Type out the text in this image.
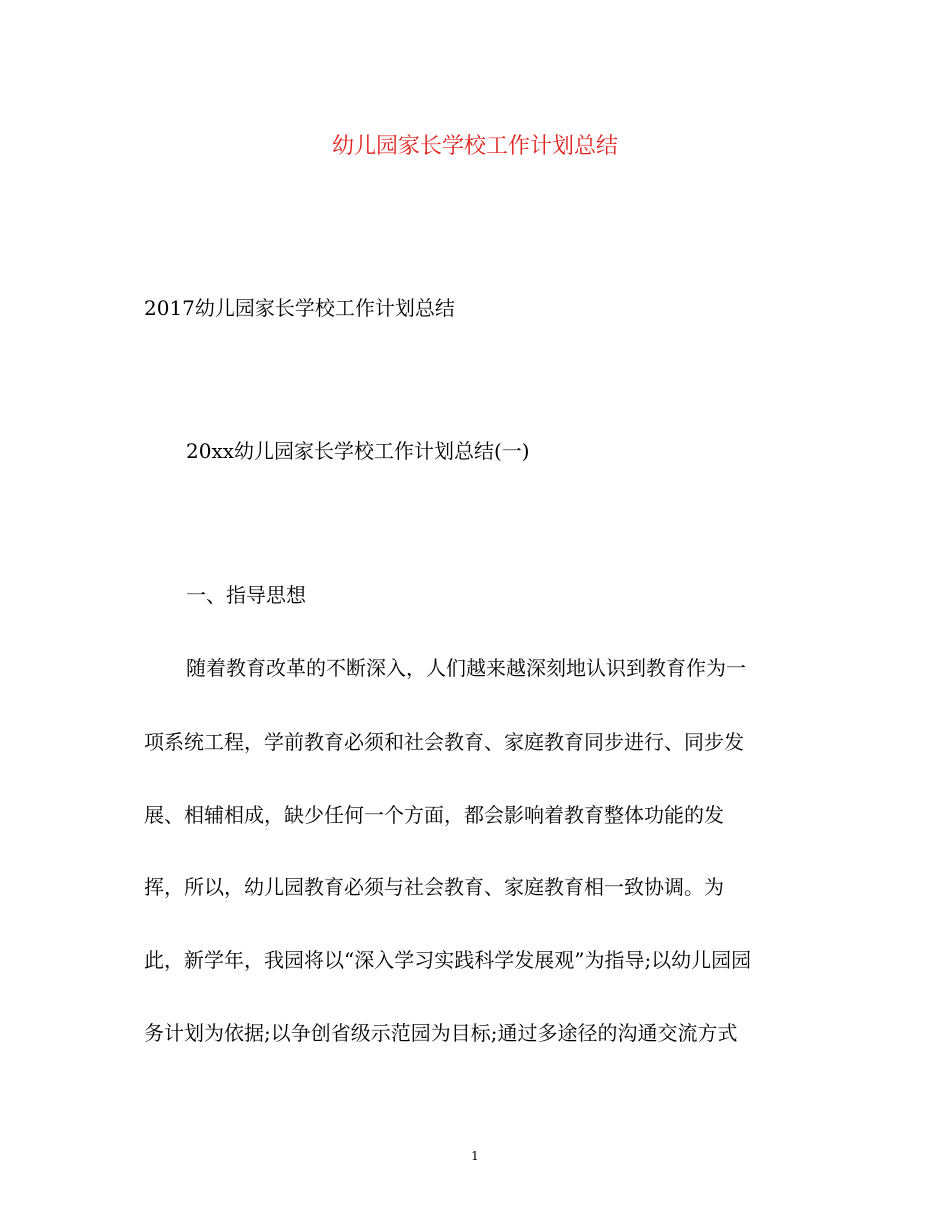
幼儿园家长学校工作计划总结
2017幼儿园家长学校工作计划总结
20xx幼儿园家长学校工作计划总结(一)
一、指导思想
随着教育改革的不断深入，人们越来越深刻地认识到教育作为一
项系统工程，学前教育必须和社会教育、家庭教育同步进行、同步发
展、相辅相成，缺少任何一个方面，都会影响着教育整体功能的发
挥，所以，幼儿园教育必须与社会教育、家庭教育相一致协调。为
此，新学年，我园将以“深入学习实践科学发展观”为指导;以幼儿园园
务计划为依据;以争创省级示范园为目标;通过多途径的沟通交流方式
1
